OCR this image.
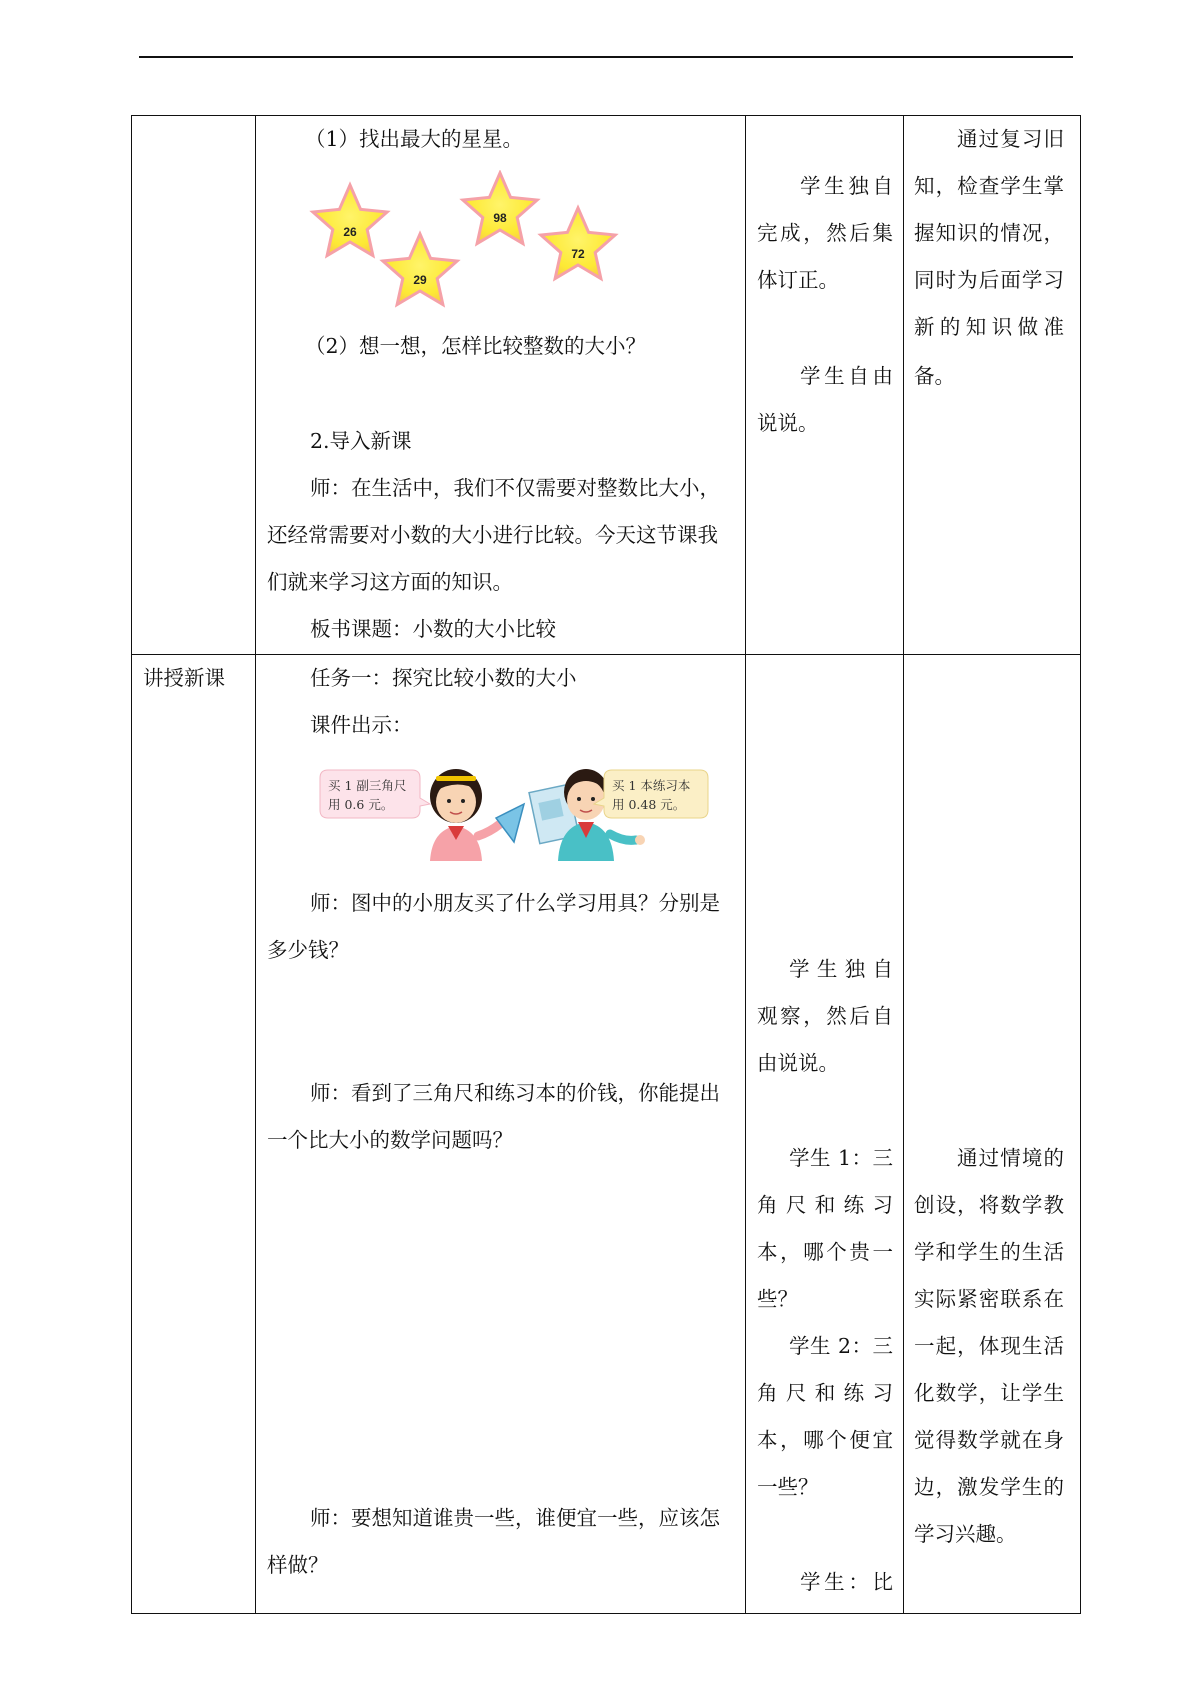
（1）找出最大的星星。
26
29
98
72
（2）想一想，怎样比较整数的大小？
2.导入新课
师：在生活中，我们不仅需要对整数比大小，
还经常需要对小数的大小进行比较。今天这节课我
们就来学习这方面的知识。
板书课题：小数的大小比较
学生独自
完成，然后集
体订正。
学生自由
说说。
通过复习旧
知，检查学生掌
握知识的情况，
同时为后面学习
新的知识做准
备。
讲授新课	任务一：探究比较小数的大小
课件出示：
买 1 副三角尺
用 0.6 元。
买 1 本练习本
用 0.48 元。
师：图中的小朋友买了什么学习用具？分别是
多少钱？
师：看到了三角尺和练习本的价钱，你能提出
一个比大小的数学问题吗？
师：要想知道谁贵一些，谁便宜一些，应该怎
样做？
学生独自
观察，然后自
由说说。
学生 1：三
角尺和练习
本，哪个贵一
些？
学生 2：三
角尺和练习
本，哪个便宜
一些？
学生：比
通过情境的
创设，将数学教
学和学生的生活
实际紧密联系在
一起，体现生活
化数学，让学生
觉得数学就在身
边，激发学生的
学习兴趣。
